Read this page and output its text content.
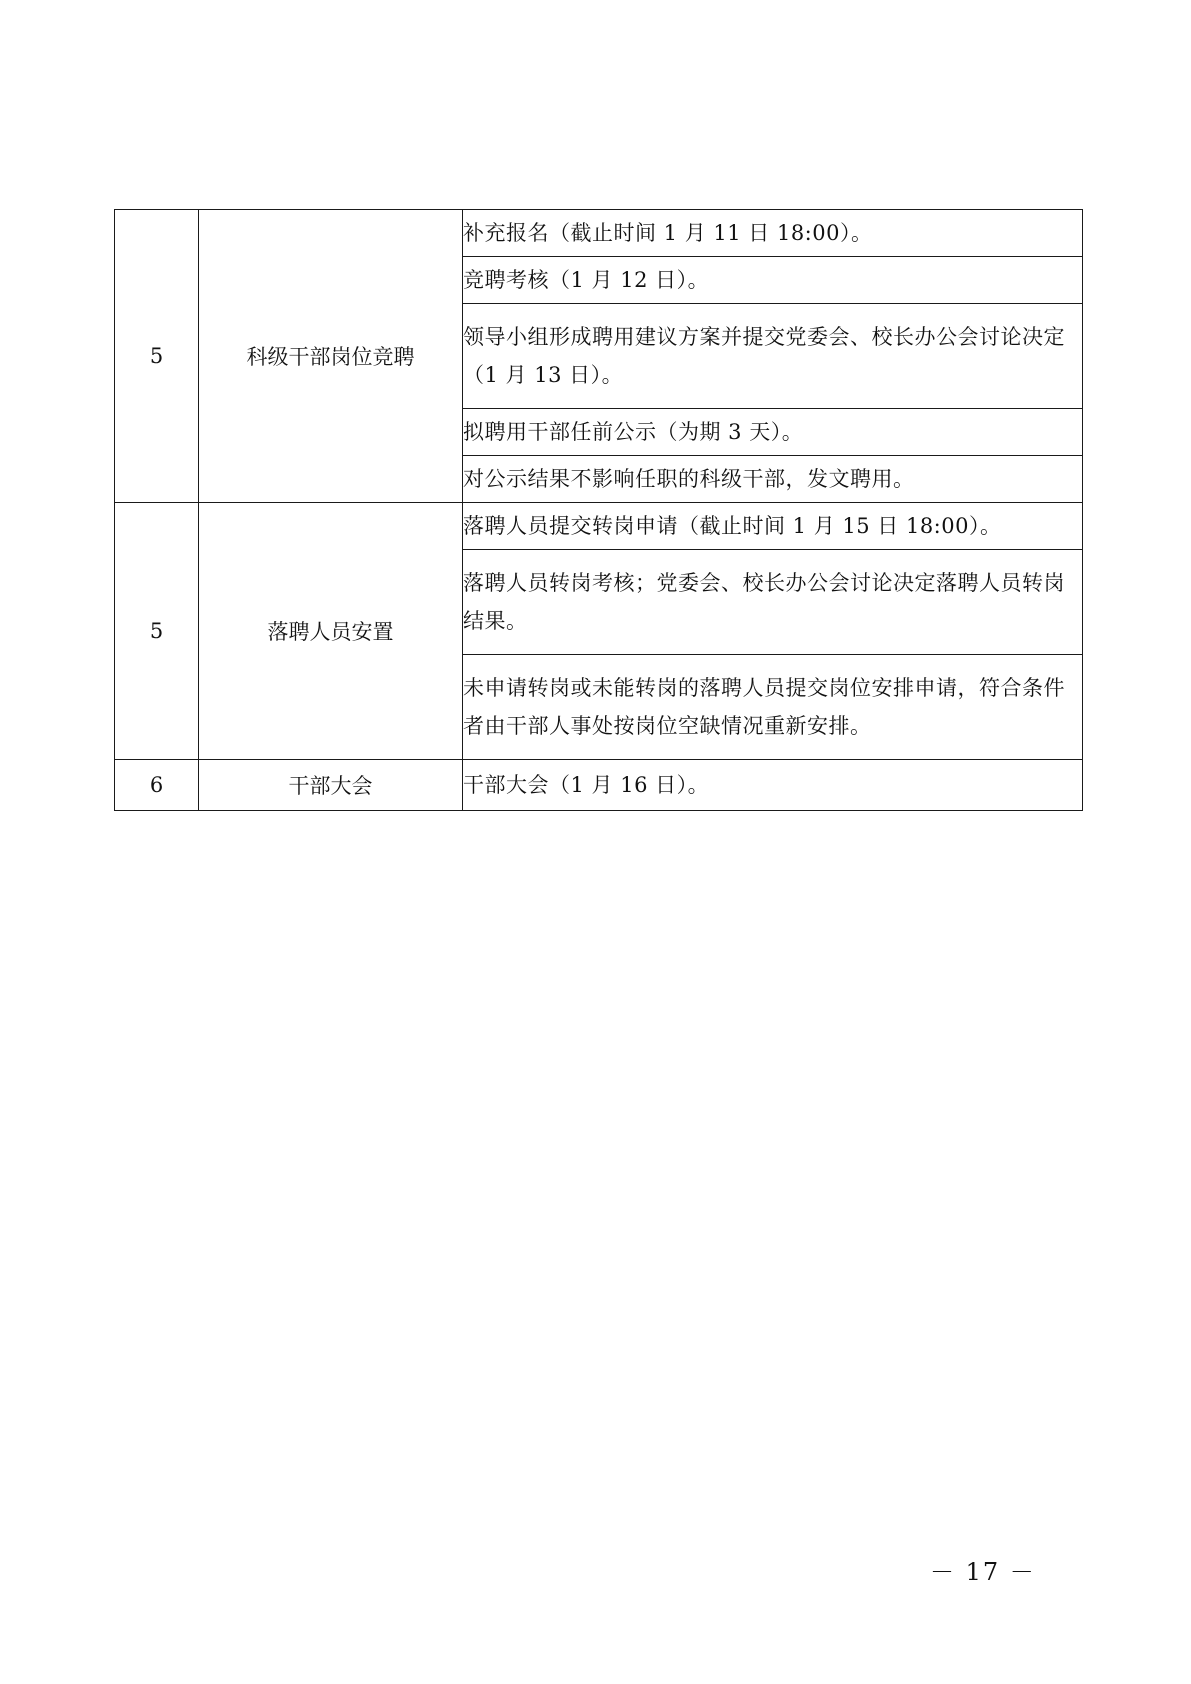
5	科级干部岗位竞聘	补充报名（截止时间 1 月 11 日 18:00）。
		竞聘考核（1 月 12 日）。
		领导小组形成聘用建议方案并提交党委会、校长办公会讨论决定（1 月 13 日）。
		拟聘用干部任前公示（为期 3 天）。
		对公示结果不影响任职的科级干部，发文聘用。
5	落聘人员安置	落聘人员提交转岗申请（截止时间 1 月 15 日 18:00）。
		落聘人员转岗考核；党委会、校长办公会讨论决定落聘人员转岗结果。
		未申请转岗或未能转岗的落聘人员提交岗位安排申请，符合条件者由干部人事处按岗位空缺情况重新安排。
6	干部大会	干部大会（1 月 16 日）。
－ 17 －
